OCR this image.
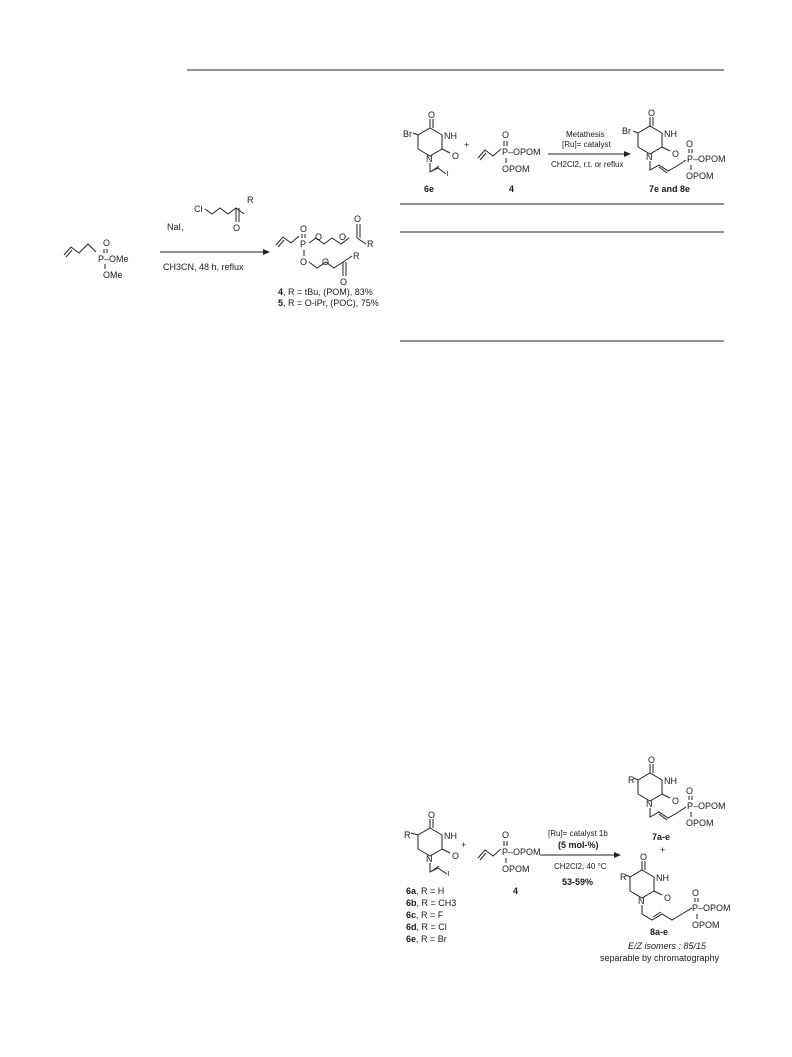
O
P–OMe
OMe
NaI,
Cl
R
O
CH3CN, 48 h, reflux
O
P
O O
O
R
O O
O
R
4, R = tBu, (POM), 83%
5, R = O-iPr, (POC), 75%
Br
O
NH
O
N
≀
6e
+
O
P–OPOM
OPOM
4
Metathesis
[Ru]= catalyst
CH2Cl2, r.t. or reflux
Br
O
NH
O
N
O
P–OPOM
OPOM
7e and 8e
R
O
NH
O
N
≀
+
6a, R = H
6b, R = CH3
6c, R = F
6d, R = Cl
6e, R = Br
O
P–OPOM
OPOM
4
[Ru]= catalyst 1b
(5 mol-%)
CH2Cl2, 40 °C
53-59%
R
O
NH
O
N
O
P–OPOM
OPOM
7a-e
+
R
O
NH
O
N
O
P–OPOM
OPOM
8a-e
E/Z isomers : 85/15
separable by chromatography
